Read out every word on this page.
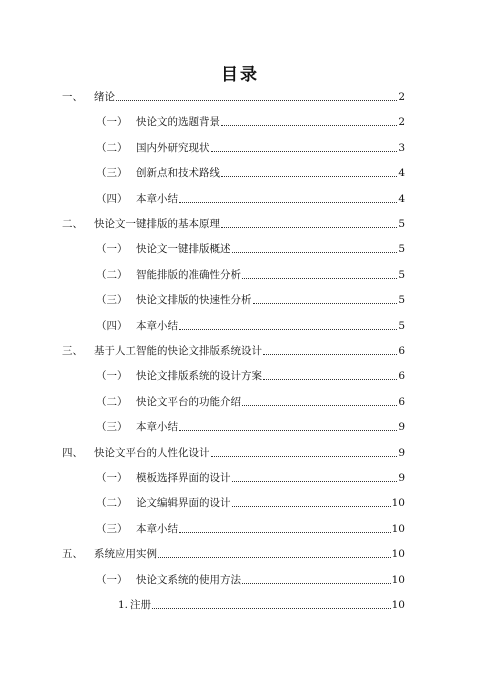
目录
一、	绪论	2
（一） 快论文的选题背景	2
（二） 国内外研究现状	3
（三） 创新点和技术路线	4
（四） 本章小结	4
二、	快论文一键排版的基本原理	5
（一） 快论文一键排版概述	5
（二） 智能排版的准确性分析	5
（三） 快论文排版的快速性分析	5
（四） 本章小结	5
三、	基于人工智能的快论文排版系统设计	6
（一） 快论文排版系统的设计方案	6
（二） 快论文平台的功能介绍	6
（三） 本章小结	9
四、	快论文平台的人性化设计	9
（一） 模板选择界面的设计	9
（二） 论文编辑界面的设计	10
（三） 本章小结	10
五、	系统应用实例	10
（一） 快论文系统的使用方法	10
1. 注册	10
